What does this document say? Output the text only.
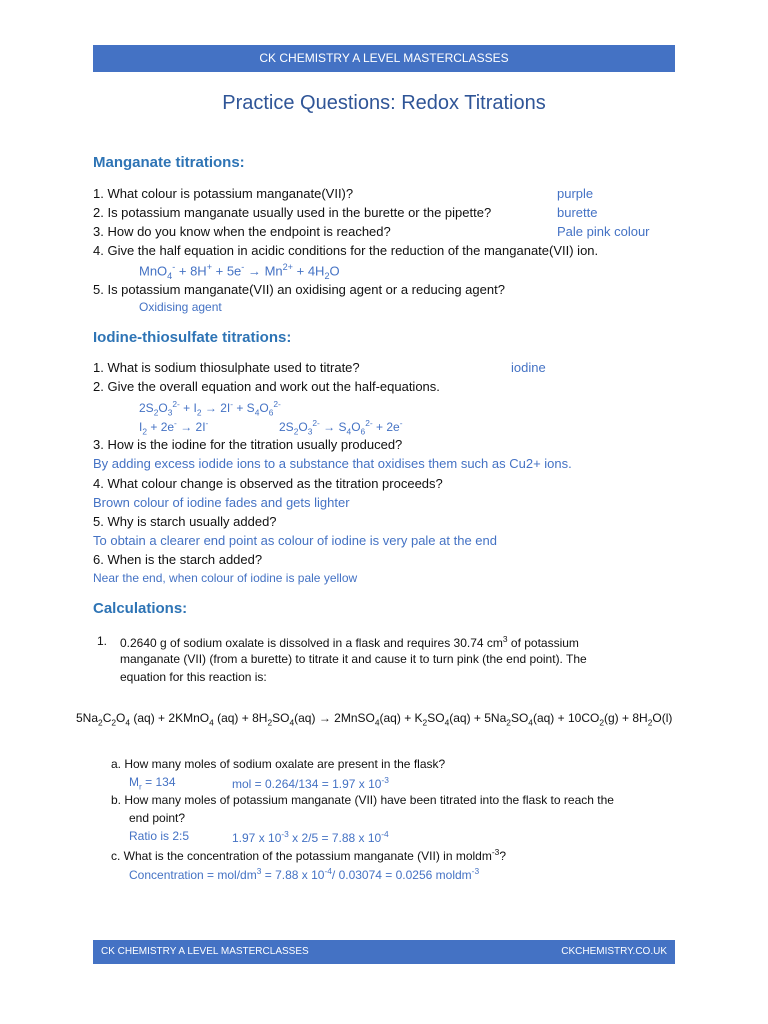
CK CHEMISTRY A LEVEL MASTERCLASSES
Practice Questions: Redox Titrations
Manganate titrations:
1. What colour is potassium manganate(VII)?	purple
2. Is potassium manganate usually used in the burette or the pipette?	burette
3. How do you know when the endpoint is reached?	Pale pink colour
4. Give the half equation in acidic conditions for the reduction of the manganate(VII) ion.
$MnO_4^- + 8H^+ + 5e^- \to Mn^{2+} + 4H_2O$
5. Is potassium manganate(VII) an oxidising agent or a reducing agent?
Oxidising agent
Iodine-thiosulfate titrations:
1. What is sodium thiosulphate used to titrate?	iodine
2. Give the overall equation and work out the half-equations.
$2S_2O_3^{2-} + I_2 \to 2I^- + S_4O_6^{2-}$
$I_2 + 2e^- \to 2I^-$	$2S_2O_3^{2-} \to S_4O_6^{2-} + 2e^-$
3. How is the iodine for the titration usually produced?
By adding excess iodide ions to a substance that oxidises them such as Cu2+ ions.
4. What colour change is observed as the titration proceeds?
Brown colour of iodine fades and gets lighter
5. Why is starch usually added?
To obtain a clearer end point as colour of iodine is very pale at the end
6. When is the starch added?
Near the end, when colour of iodine is pale yellow
Calculations:
1. 0.2640 g of sodium oxalate is dissolved in a flask and requires 30.74 $cm^3$ of potassium
manganate (VII) (from a burette) to titrate it and cause it to turn pink (the end point). The
equation for this reaction is:
$5Na_2C_2O_4$ (aq) + 2KMnO$_4$ $(aq) + 8H_2SO_4(aq)$ → 2MnSO$_4$(aq) + $K_2SO_4(aq) + 5Na_2SO_4(aq) + 10CO_2(g) + 8H_2O(l)$
a. How many moles of sodium oxalate are present in the flask?
$M_r = 134$	mol = 0.264/134 = 1.97 x $10^{-3}$
b. How many moles of potassium manganate (VII) have been titrated into the flask to reach the
end point?
Ratio is 2:5	1.97 x $10^{-3}$ x 2/5 = 7.88 x $10^{-4}$
c. What is the concentration of the potassium manganate (VII) in moldm$^{-3}$?
Concentration = mol/$dm^3 = 7.88$ x $10^{-4}/$ 0.03074 = 0.0256 moldm$^{-3}$
CK CHEMISTRY A LEVEL MASTERCLASSES	CKCHEMISTRY.CO.UK
